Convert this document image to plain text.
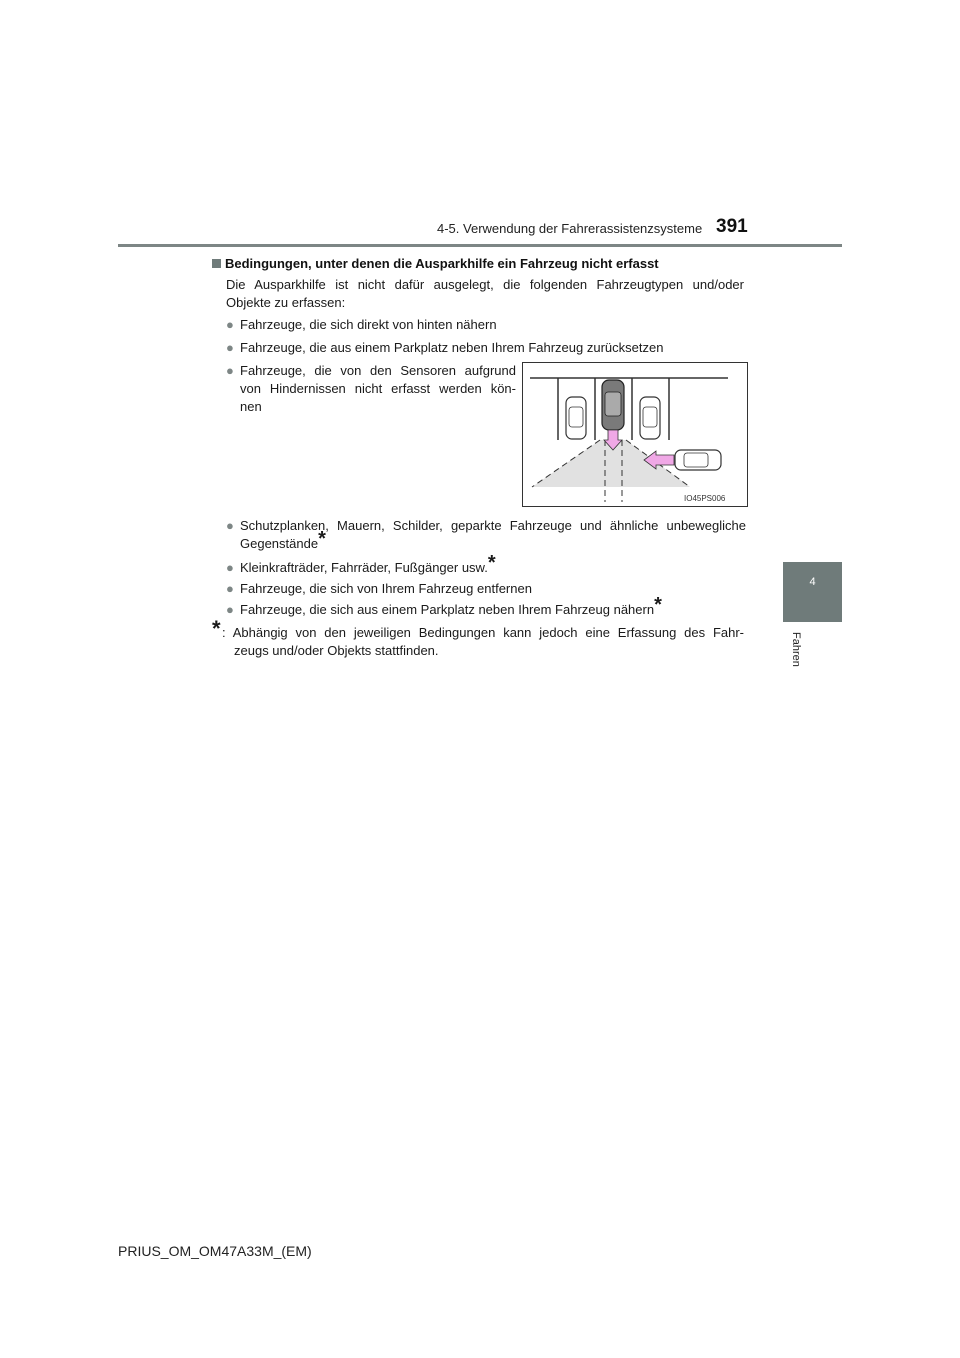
4-5. Verwendung der Fahrerassistenzsysteme 391
4
Fahren
Bedingungen, unter denen die Ausparkhilfe ein Fahrzeug nicht erfasst
Die Ausparkhilfe ist nicht dafür ausgelegt, die folgenden Fahrzeugtypen und/oder
Objekte zu erfassen:
● Fahrzeuge, die sich direkt von hinten nähern
● Fahrzeuge, die aus einem Parkplatz neben Ihrem Fahrzeug zurücksetzen
● Fahrzeuge, die von den Sensoren aufgrund
von Hindernissen nicht erfasst werden kön-
nen
IO45PS006
● Schutzplanken, Mauern, Schilder, geparkte Fahrzeuge und ähnliche unbewegliche
Gegenstände*
● Kleinkrafträder, Fahrräder, Fußgänger usw.*
● Fahrzeuge, die sich von Ihrem Fahrzeug entfernen
● Fahrzeuge, die sich aus einem Parkplatz neben Ihrem Fahrzeug nähern*
* : Abhängig von den jeweiligen Bedingungen kann jedoch eine Erfassung des Fahr-
zeugs und/oder Objekts stattfinden.
PRIUS_OM_OM47A33M_(EM)
